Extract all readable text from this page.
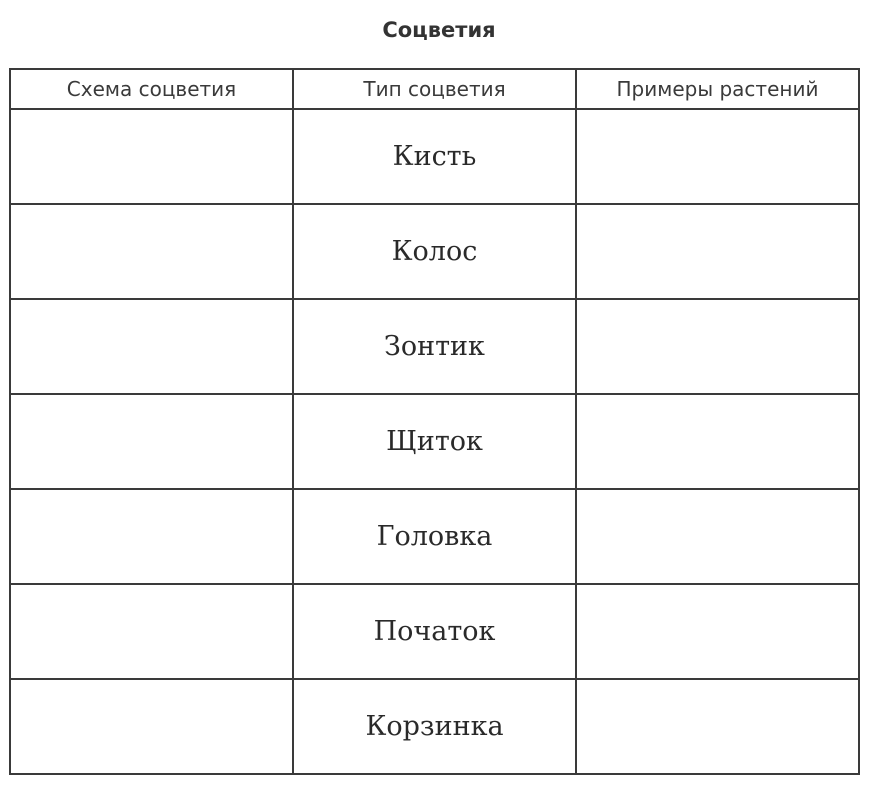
Соцветия
Схема соцветия	Тип соцветия	Примеры растений
	Кисть	
	Колос	
	Зонтик	
	Щиток	
	Головка	
	Початок	
	Корзинка	
